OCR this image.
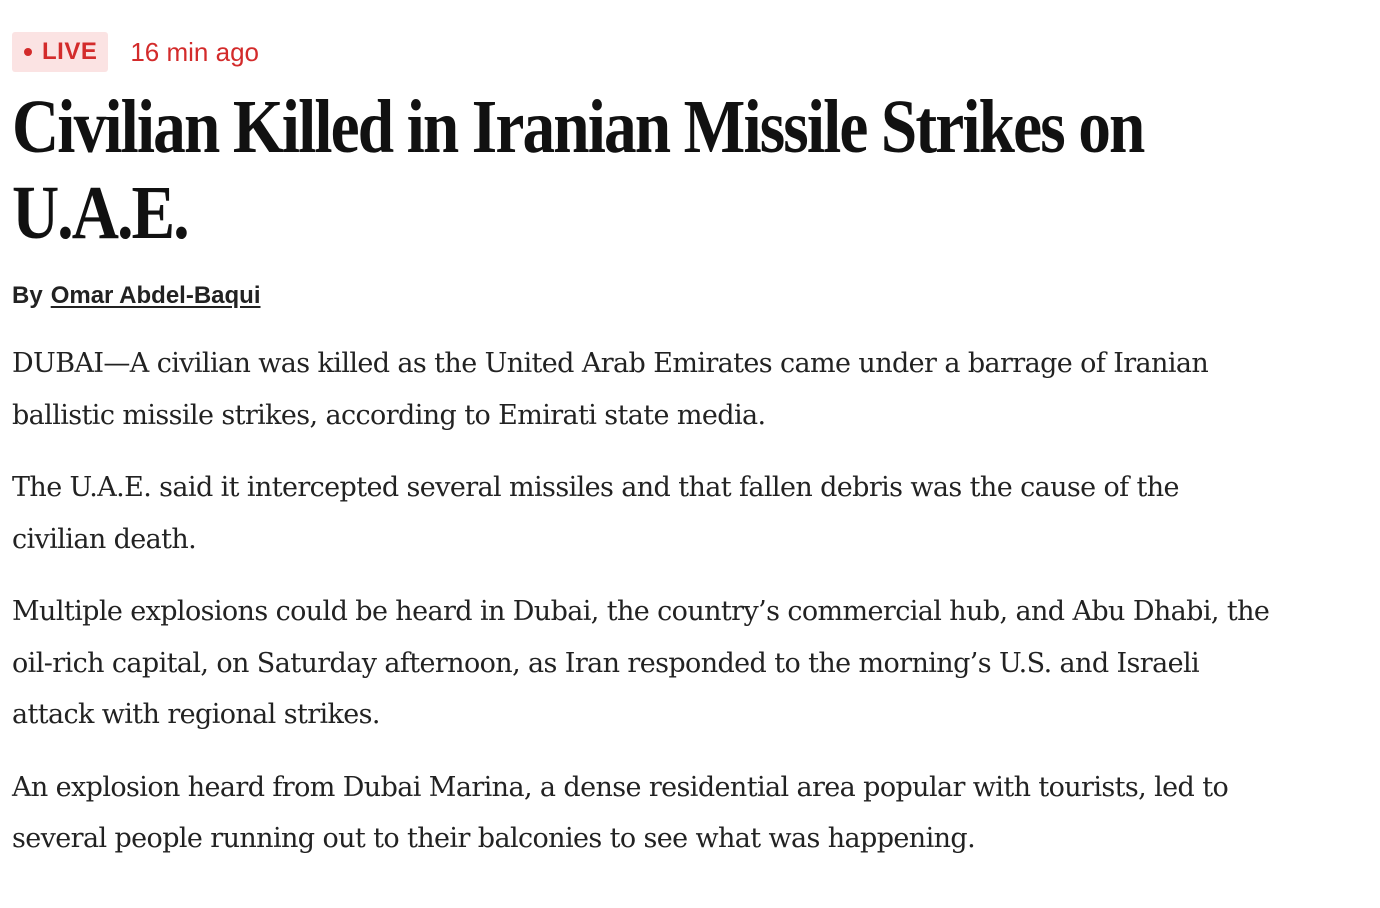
LIVE 16 min ago
Civilian Killed in Iranian Missile Strikes on U.A.E.
By Omar Abdel-Baqui

DUBAI—A civilian was killed as the United Arab Emirates came under a barrage of Iranian ballistic missile strikes, according to Emirati state media.

The U.A.E. said it intercepted several missiles and that fallen debris was the cause of the civilian death.

Multiple explosions could be heard in Dubai, the country’s commercial hub, and Abu Dhabi, the oil-rich capital, on Saturday afternoon, as Iran responded to the morning’s U.S. and Israeli attack with regional strikes.

An explosion heard from Dubai Marina, a dense residential area popular with tourists, led to several people running out to their balconies to see what was happening.
